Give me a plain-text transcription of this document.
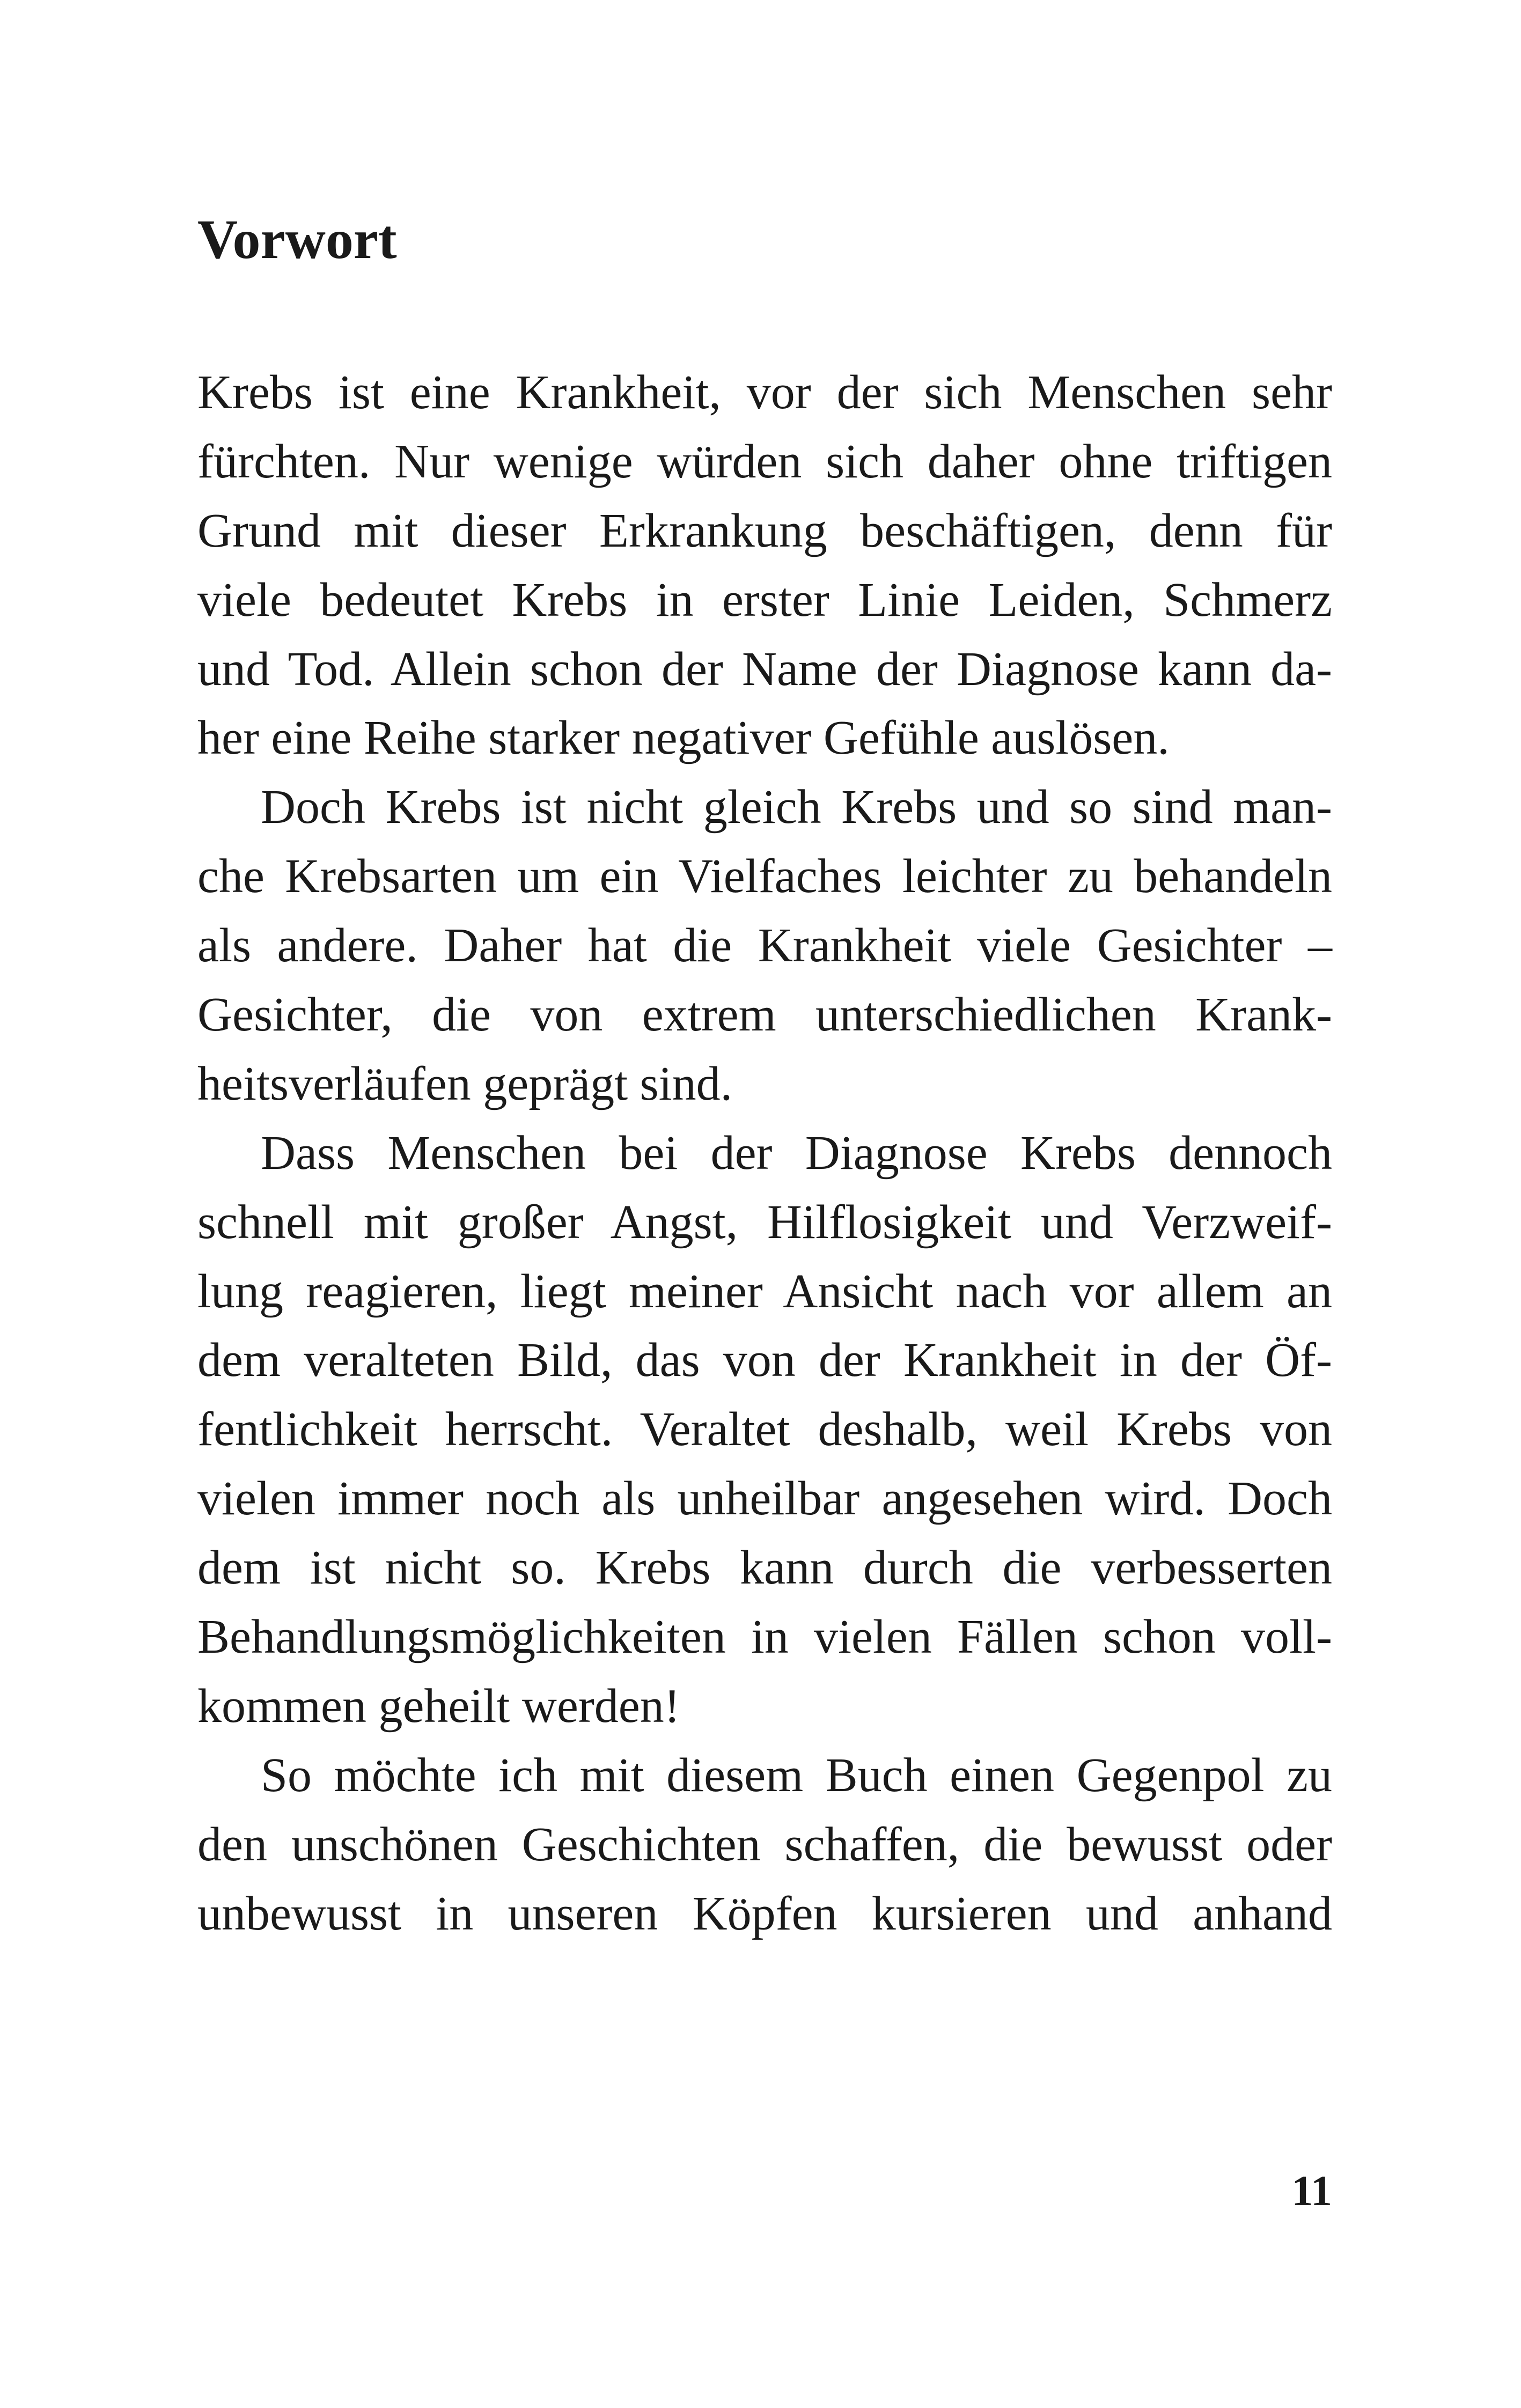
Vorwort
Krebs ist eine Krankheit, vor der sich Menschen sehr
fürchten. Nur wenige würden sich daher ohne triftigen
Grund mit dieser Erkrankung beschäftigen, denn für
viele bedeutet Krebs in erster Linie Leiden, Schmerz
und Tod. Allein schon der Name der Diagnose kann da-
her eine Reihe starker negativer Gefühle auslösen.
Doch Krebs ist nicht gleich Krebs und so sind man-
che Krebsarten um ein Vielfaches leichter zu behandeln
als andere. Daher hat die Krankheit viele Gesichter –
Gesichter, die von extrem unterschiedlichen Krank-
heitsverläufen geprägt sind.
Dass Menschen bei der Diagnose Krebs dennoch
schnell mit großer Angst, Hilflosigkeit und Verzweif-
lung reagieren, liegt meiner Ansicht nach vor allem an
dem veralteten Bild, das von der Krankheit in der Öf-
fentlichkeit herrscht. Veraltet deshalb, weil Krebs von
vielen immer noch als unheilbar angesehen wird. Doch
dem ist nicht so. Krebs kann durch die verbesserten
Behandlungsmöglichkeiten in vielen Fällen schon voll-
kommen geheilt werden!
So möchte ich mit diesem Buch einen Gegenpol zu
den unschönen Geschichten schaffen, die bewusst oder
unbewusst in unseren Köpfen kursieren und anhand
11
